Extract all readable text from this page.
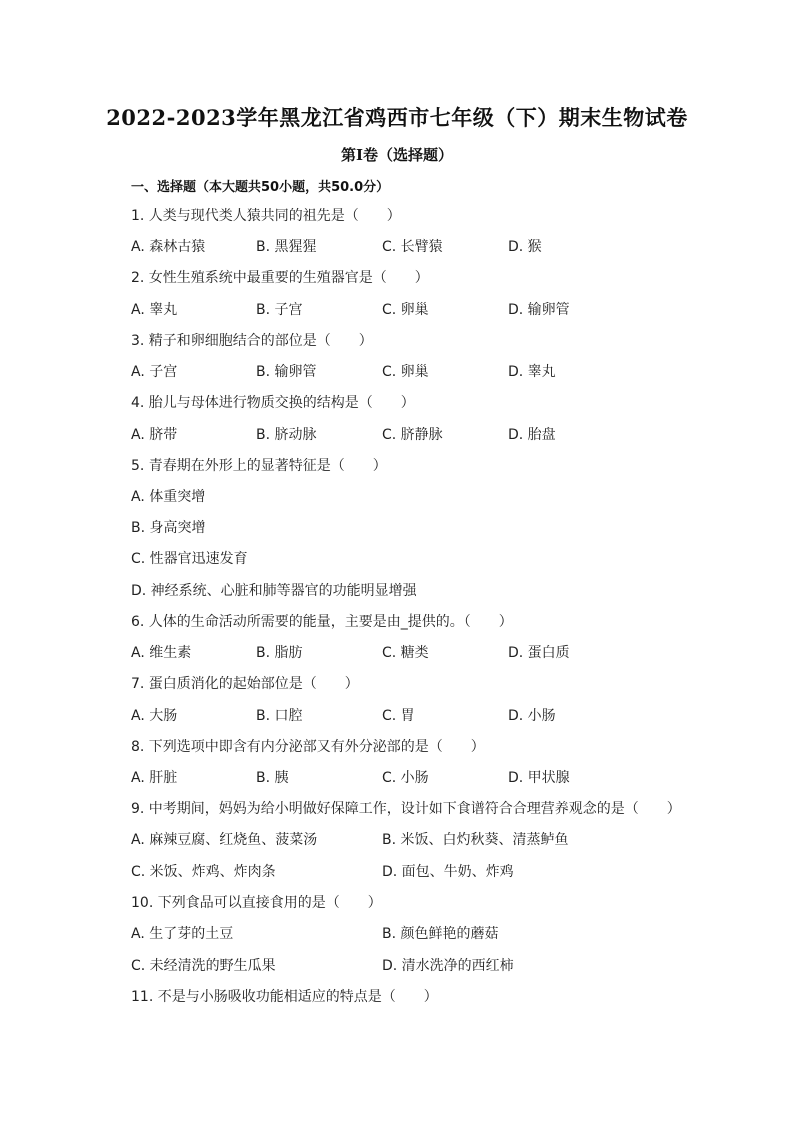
2022-2023学年黑龙江省鸡西市七年级（下）期末生物试卷
第I卷（选择题）
一、选择题（本大题共50小题，共50.0分）
1. 人类与现代类人猿共同的祖先是（　　）
A. 森林古猿	B. 黑猩猩	C. 长臂猿	D. 猴
2. 女性生殖系统中最重要的生殖器官是（　　）
A. 睾丸	B. 子宫	C. 卵巢	D. 输卵管
3. 精子和卵细胞结合的部位是（　　）
A. 子宫	B. 输卵管	C. 卵巢	D. 睾丸
4. 胎儿与母体进行物质交换的结构是（　　）
A. 脐带	B. 脐动脉	C. 脐静脉	D. 胎盘
5. 青春期在外形上的显著特征是（　　）
A. 体重突增
B. 身高突增
C. 性器官迅速发育
D. 神经系统、心脏和肺等器官的功能明显增强
6. 人体的生命活动所需要的能量，主要是由_提供的。（　　）
A. 维生素	B. 脂肪	C. 糖类	D. 蛋白质
7. 蛋白质消化的起始部位是（　　）
A. 大肠	B. 口腔	C. 胃	D. 小肠
8. 下列选项中即含有内分泌部又有外分泌部的是（　　）
A. 肝脏	B. 胰	C. 小肠	D. 甲状腺
9. 中考期间，妈妈为给小明做好保障工作，设计如下食谱符合合理营养观念的是（　　）
A. 麻辣豆腐、红烧鱼、菠菜汤	B. 米饭、白灼秋葵、清蒸鲈鱼
C. 米饭、炸鸡、炸肉条	D. 面包、牛奶、炸鸡
10. 下列食品可以直接食用的是（　　）
A. 生了芽的土豆	B. 颜色鲜艳的蘑菇
C. 未经清洗的野生瓜果	D. 清水洗净的西红柿
11. 不是与小肠吸收功能相适应的特点是（　　）
